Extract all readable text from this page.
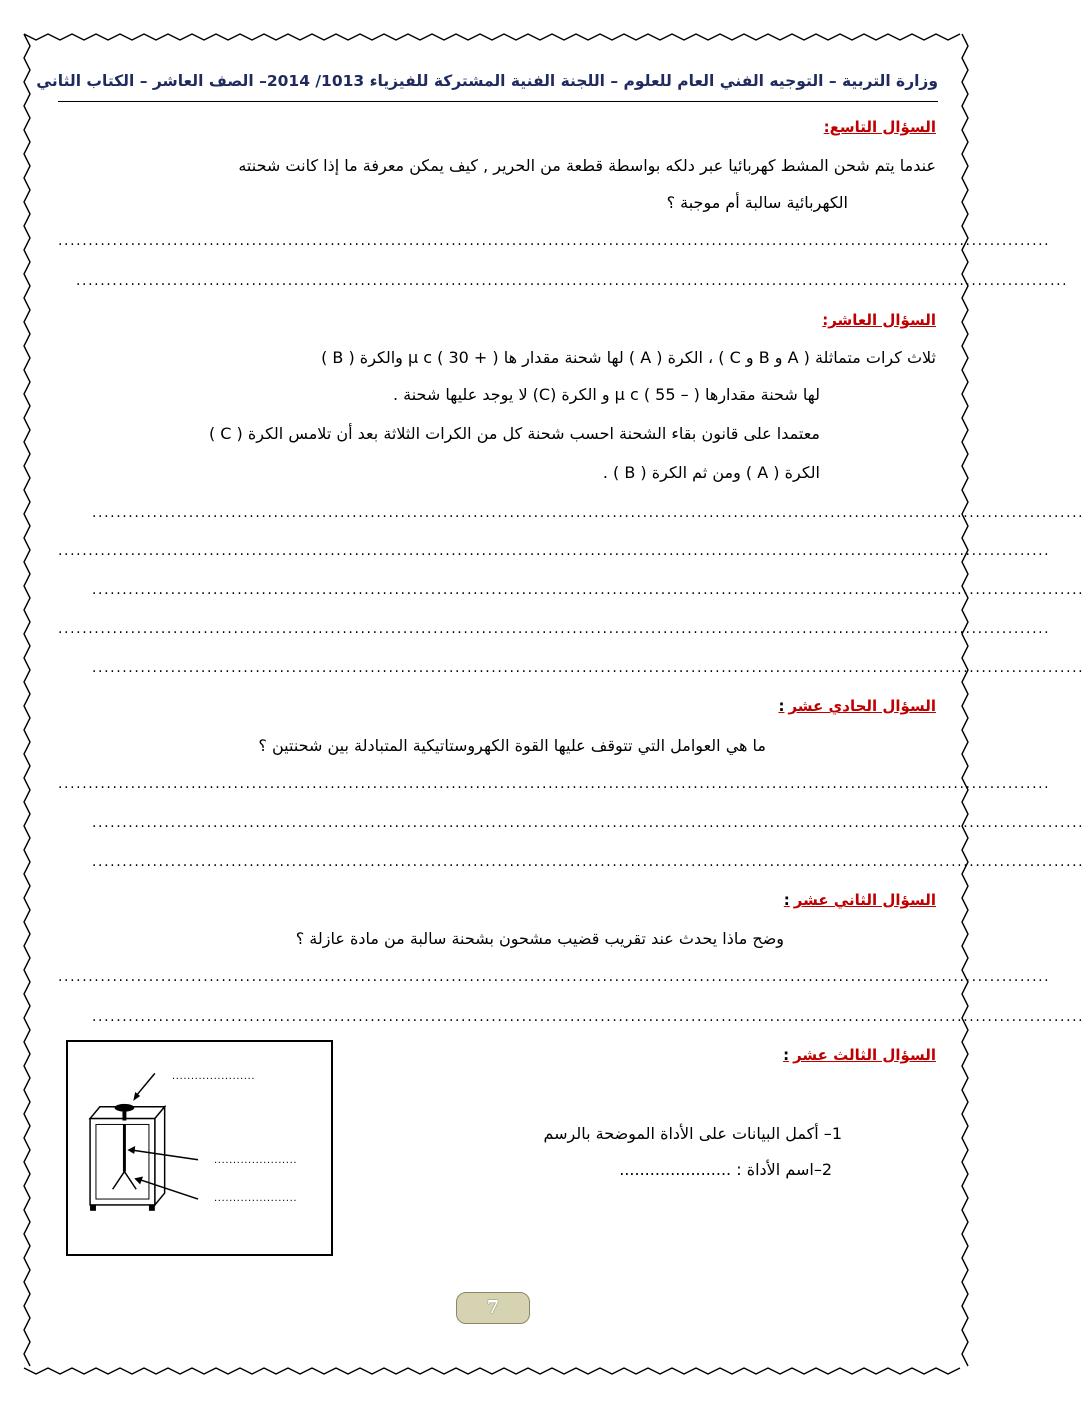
وزارة التربية – التوجيه الفني العام للعلوم – اللجنة الفنية المشتركة للفيزياء 1013/ 2014– الصف العاشر – الكتاب الثاني
السؤال التاسع:
عندما يتم شحن المشط كهربائيا عبر دلكه بواسطة قطعة من الحرير , كيف يمكن معرفة ما إذا كانت شحنته
الكهربائية سالبة أم موجبة ؟
....................................................................................................................................................................
....................................................................................................................................................................
السؤال العاشر:
ثلاث كرات متماثلة ( A و B و C ) ، الكرة ( A ) لها شحنة مقدار ها μ c ( 30 + ) والكرة ( B )
لها شحنة مقدارها μ c ( 55 – ) و الكرة (C) لا يوجد عليها شحنة .
معتمدا على قانون بقاء الشحنة احسب شحنة كل من الكرات الثلاثة بعد أن تلامس الكرة ( C )
الكرة ( A ) ومن ثم الكرة ( B ) .
....................................................................................................................................................................
....................................................................................................................................................................
....................................................................................................................................................................
....................................................................................................................................................................
....................................................................................................................................................................
السؤال الحادي عشر:
ما هي العوامل التي تتوقف عليها القوة الكهروستاتيكية المتبادلة بين شحنتين ؟
....................................................................................................................................................................
....................................................................................................................................................................
....................................................................................................................................................................
السؤال الثاني عشر:
وضح ماذا يحدث عند تقريب قضيب مشحون بشحنة سالبة من مادة عازلة ؟
....................................................................................................................................................................
....................................................................................................................................................................
السؤال الثالث عشر:
1– أكمل البيانات على الأداة الموضحة بالرسم
2–اسم الأداة : ......................
......................
......................
......................
7
